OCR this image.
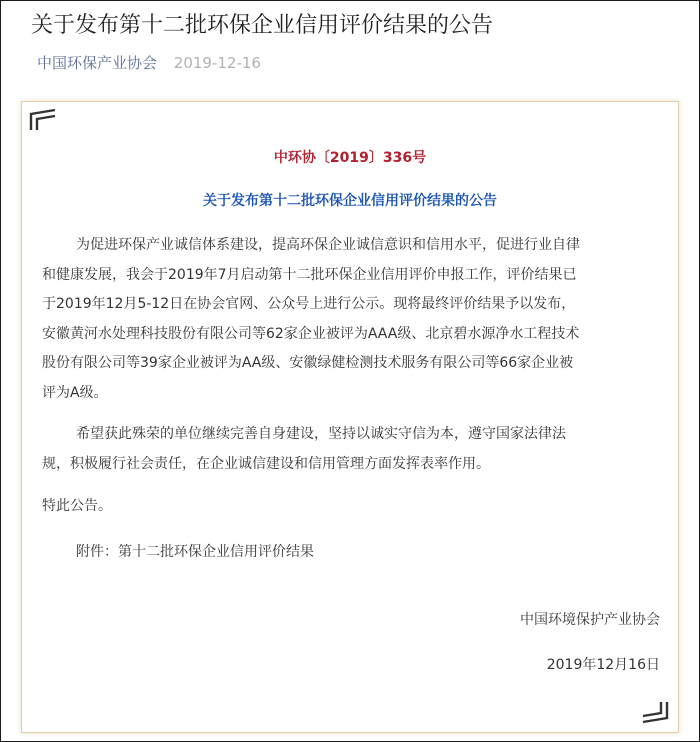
关于发布第十二批环保企业信用评价结果的公告
中国环保产业协会 2019-12-16
中环协〔2019〕336号
关于发布第十二批环保企业信用评价结果的公告
为促进环保产业诚信体系建设，提高环保企业诚信意识和信用水平，促进行业自律
和健康发展，我会于2019年7月启动第十二批环保企业信用评价申报工作，评价结果已
于2019年12月5-12日在协会官网、公众号上进行公示。现将最终评价结果予以发布，
安徽黄河水处理科技股份有限公司等62家企业被评为AAA级、北京碧水源净水工程技术
股份有限公司等39家企业被评为AA级、安徽绿健检测技术服务有限公司等66家企业被
评为A级。
希望获此殊荣的单位继续完善自身建设，坚持以诚实守信为本，遵守国家法律法
规，积极履行社会责任，在企业诚信建设和信用管理方面发挥表率作用。
特此公告。
附件：第十二批环保企业信用评价结果
中国环境保护产业协会
2019年12月16日
